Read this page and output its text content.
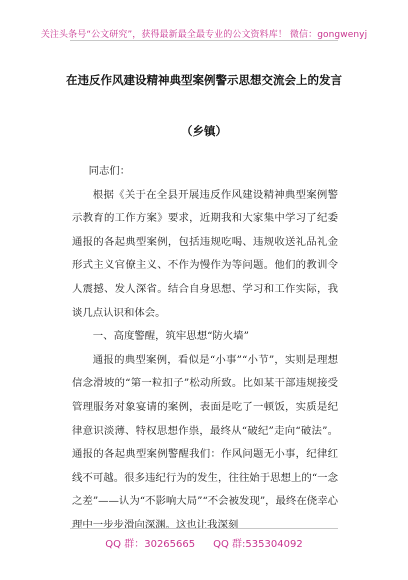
关注头条号“公文研究”，获得最新最全最专业的公文资料库！ 微信：gongwenyj
在违反作风建设精神典型案例警示思想交流会上的发言
（乡镇）

同志们：

根据《关于在全县开展违反作风建设精神典型案例警示教育的工作方案》要求，近期我和大家集中学习了纪委通报的各起典型案例，包括违规吃喝、违规收送礼品礼金形式主义官僚主义、不作为慢作为等问题。他们的教训令人震撼、发人深省。结合自身思想、学习和工作实际，我谈几点认识和体会。

一、高度警醒，筑牢思想“防火墙”

通报的典型案例，看似是“小事”“小节”，实则是理想信念滑坡的“第一粒扣子”松动所致。比如某干部违规接受管理服务对象宴请的案例，表面是吃了一顿饭，实质是纪律意识淡薄、特权思想作祟，最终从“破纪”走向“破法”。通报的各起典型案例警醒我们：作风问题无小事，纪律红线不可越。很多违纪行为的发生，往往始于思想上的“一念之差”——认为“不影响大局”“不会被发现”，最终在侥幸心理中一步步滑向深渊。这也让我深刻

QQ 群：30265665 QQ 群:535304092
